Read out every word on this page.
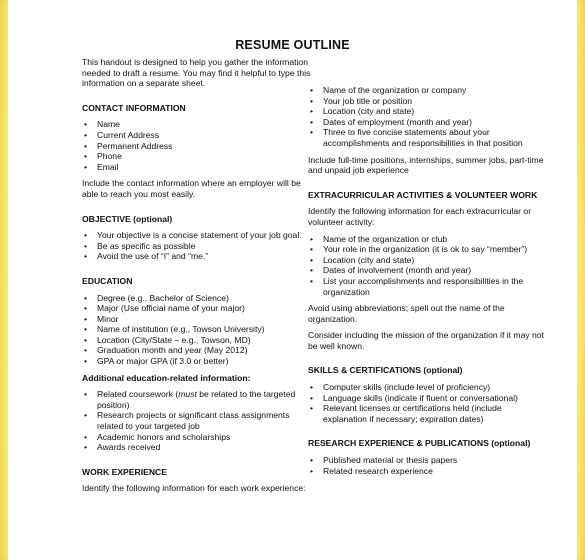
RESUME OUTLINE

This handout is designed to help you gather the information needed to draft a resume. You may find it helpful to type this information on a separate sheet.

CONTACT INFORMATION
• Name
• Current Address
• Permanent Address
• Phone
• Email

Include the contact information where an employer will be able to reach you most easily.

OBJECTIVE (optional)
• Your objective is a concise statement of your job goal.
• Be as specific as possible
• Avoid the use of “I” and “me.”
EDUCATION
• Degree (e.g., Bachelor of Science)
• Major (Use official name of your major)
• Minor
• Name of institution (e.g., Towson University)
• Location (City/State – e.g., Towson, MD)
• Graduation month and year (May 2012)
• GPA or major GPA (if 3.0 or better)

Additional education-related information:

• Related coursework (must be related to the targeted position)
• Research projects or significant class assignments related to your targeted job
• Academic honors and scholarships
• Awards received
WORK EXPERIENCE

Identify the following information for each work experience:

• Name of the organization or company
• Your job title or position
• Location (city and state)
• Dates of employment (month and year)
• Three to five concise statements about your accomplishments and responsibilities in that position

Include full-time positions, internships, summer jobs, part-time and unpaid job experience

EXTRACURRICULAR ACTIVITIES & VOLUNTEER WORK

Identify the following information for each extracurricular or volunteer activity:

• Name of the organization or club
• Your role in the organization (it is ok to say “member”)
• Location (city and state)
• Dates of involvement (month and year)
• List your accomplishments and responsibilities in the organization

Avoid using abbreviations; spell out the name of the organization.

Consider including the mission of the organization if it may not be well known.

SKILLS & CERTIFICATIONS (optional)
• Computer skills (include level of proficiency)
• Language skills (indicate if fluent or conversational)
• Relevant licenses or certifications held (include explanation if necessary; expiration dates)
RESEARCH EXPERIENCE & PUBLICATIONS (optional)
• Published material or thesis papers
• Related research experience
